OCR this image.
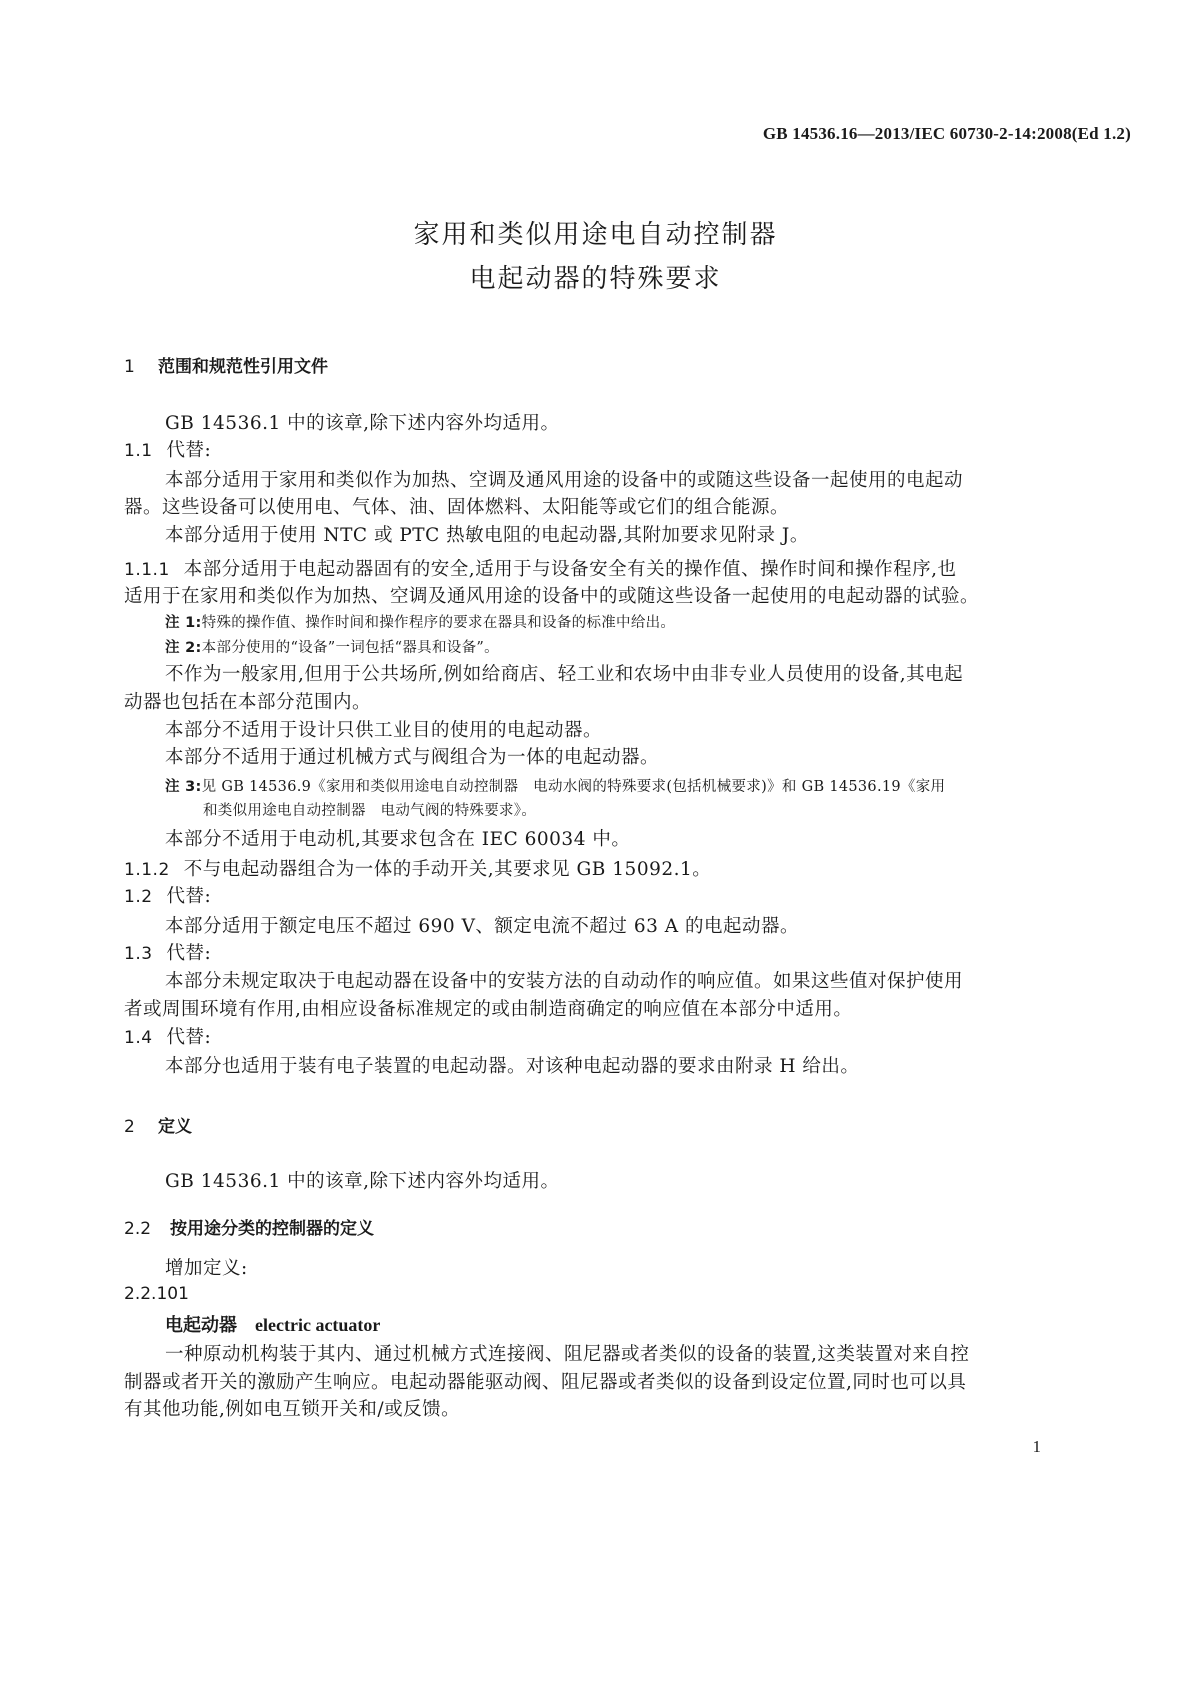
GB 14536.16—2013/IEC 60730-2-14:2008(Ed 1.2)
家用和类似用途电自动控制器
电起动器的特殊要求
1 范围和规范性引用文件
GB 14536.1 中的该章,除下述内容外均适用。
1.1 代替:
本部分适用于家用和类似作为加热、空调及通风用途的设备中的或随这些设备一起使用的电起动
器。这些设备可以使用电、气体、油、固体燃料、太阳能等或它们的组合能源。
本部分适用于使用 NTC 或 PTC 热敏电阻的电起动器,其附加要求见附录 J。
1.1.1 本部分适用于电起动器固有的安全,适用于与设备安全有关的操作值、操作时间和操作程序,也
适用于在家用和类似作为加热、空调及通风用途的设备中的或随这些设备一起使用的电起动器的试验。
注 1:特殊的操作值、操作时间和操作程序的要求在器具和设备的标准中给出。
注 2:本部分使用的“设备”一词包括“器具和设备”。
不作为一般家用,但用于公共场所,例如给商店、轻工业和农场中由非专业人员使用的设备,其电起
动器也包括在本部分范围内。
本部分不适用于设计只供工业目的使用的电起动器。
本部分不适用于通过机械方式与阀组合为一体的电起动器。
注 3:见 GB 14536.9《家用和类似用途电自动控制器　电动水阀的特殊要求(包括机械要求)》和 GB 14536.19《家用
和类似用途电自动控制器　电动气阀的特殊要求》。
本部分不适用于电动机,其要求包含在 IEC 60034 中。
1.1.2 不与电起动器组合为一体的手动开关,其要求见 GB 15092.1。
1.2 代替:
本部分适用于额定电压不超过 690 V、额定电流不超过 63 A 的电起动器。
1.3 代替:
本部分未规定取决于电起动器在设备中的安装方法的自动动作的响应值。如果这些值对保护使用
者或周围环境有作用,由相应设备标准规定的或由制造商确定的响应值在本部分中适用。
1.4 代替:
本部分也适用于装有电子装置的电起动器。对该种电起动器的要求由附录 H 给出。
2 定义
GB 14536.1 中的该章,除下述内容外均适用。
2.2 按用途分类的控制器的定义
增加定义:
2.2.101
电起动器 electric actuator
一种原动机构装于其内、通过机械方式连接阀、阻尼器或者类似的设备的装置,这类装置对来自控
制器或者开关的激励产生响应。电起动器能驱动阀、阻尼器或者类似的设备到设定位置,同时也可以具
有其他功能,例如电互锁开关和/或反馈。
1
